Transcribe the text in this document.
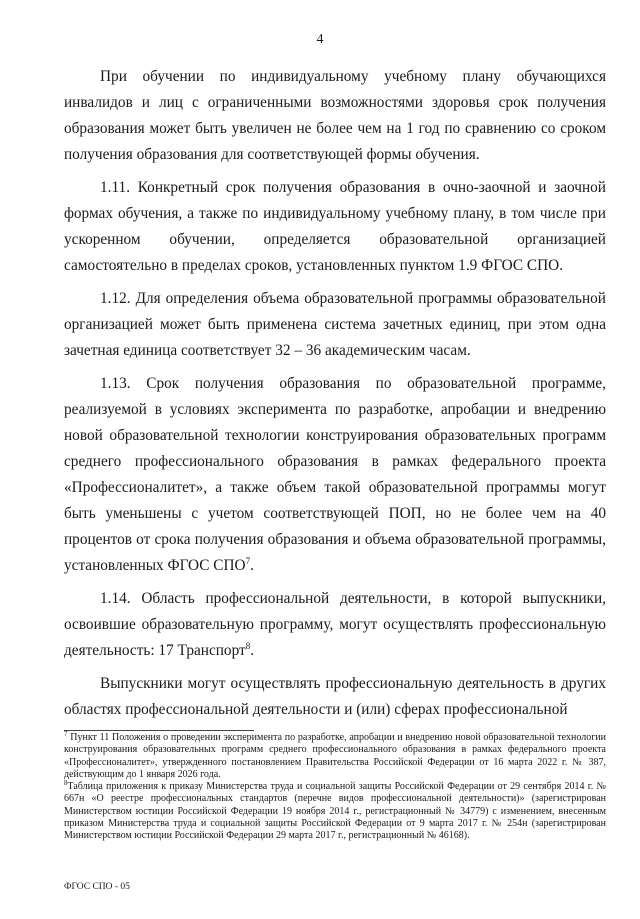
4

При обучении по индивидуальному учебному плану обучающихся инвалидов и лиц с ограниченными возможностями здоровья срок получения образования может быть увеличен не более чем на 1 год по сравнению со сроком получения образования для соответствующей формы обучения.

1.11. Конкретный срок получения образования в очно-заочной и заочной формах обучения, а также по индивидуальному учебному плану, в том числе при ускоренном обучении, определяется образовательной организацией самостоятельно в пределах сроков, установленных пунктом 1.9 ФГОС СПО.

1.12. Для определения объема образовательной программы образовательной организацией может быть применена система зачетных единиц, при этом одна зачетная единица соответствует 32 – 36 академическим часам.

1.13. Срок получения образования по образовательной программе, реализуемой в условиях эксперимента по разработке, апробации и внедрению новой образовательной технологии конструирования образовательных программ среднего профессионального образования в рамках федерального проекта «Профессионалитет», а также объем такой образовательной программы могут быть уменьшены с учетом соответствующей ПОП, но не более чем на 40 процентов от срока получения образования и объема образовательной программы, установленных ФГОС СПО$^7$.

1.14. Область профессиональной деятельности, в которой выпускники, освоившие образовательную программу, могут осуществлять профессиональную деятельность: 17 Транспорт$^8$.

Выпускники могут осуществлять профессиональную деятельность в других областях профессиональной деятельности и (или) сферах профессиональной

$^7$ Пункт 11 Положения о проведении эксперимента по разработке, апробации и внедрению новой образовательной технологии конструирования образовательных программ среднего профессионального образования в рамках федерального проекта «Профессионалитет», утвержденного постановлением Правительства Российской Федерации от 16 марта 2022 г. № 387, действующим до 1 января 2026 года.

$^8$Таблица приложения к приказу Министерства труда и социальной защиты Российской Федерации от 29 сентября 2014 г. № 667н «О реестре профессиональных стандартов (перечне видов профессиональной деятельности)» (зарегистрирован Министерством юстиции Российской Федерации 19 ноября 2014 г., регистрационный № 34779) с изменением, внесенным приказом Министерства труда и социальной защиты Российской Федерации от 9 марта 2017 г. № 254н (зарегистрирован Министерством юстиции Российской Федерации 29 марта 2017 г., регистрационный № 46168).

ФГОС СПО - 05
